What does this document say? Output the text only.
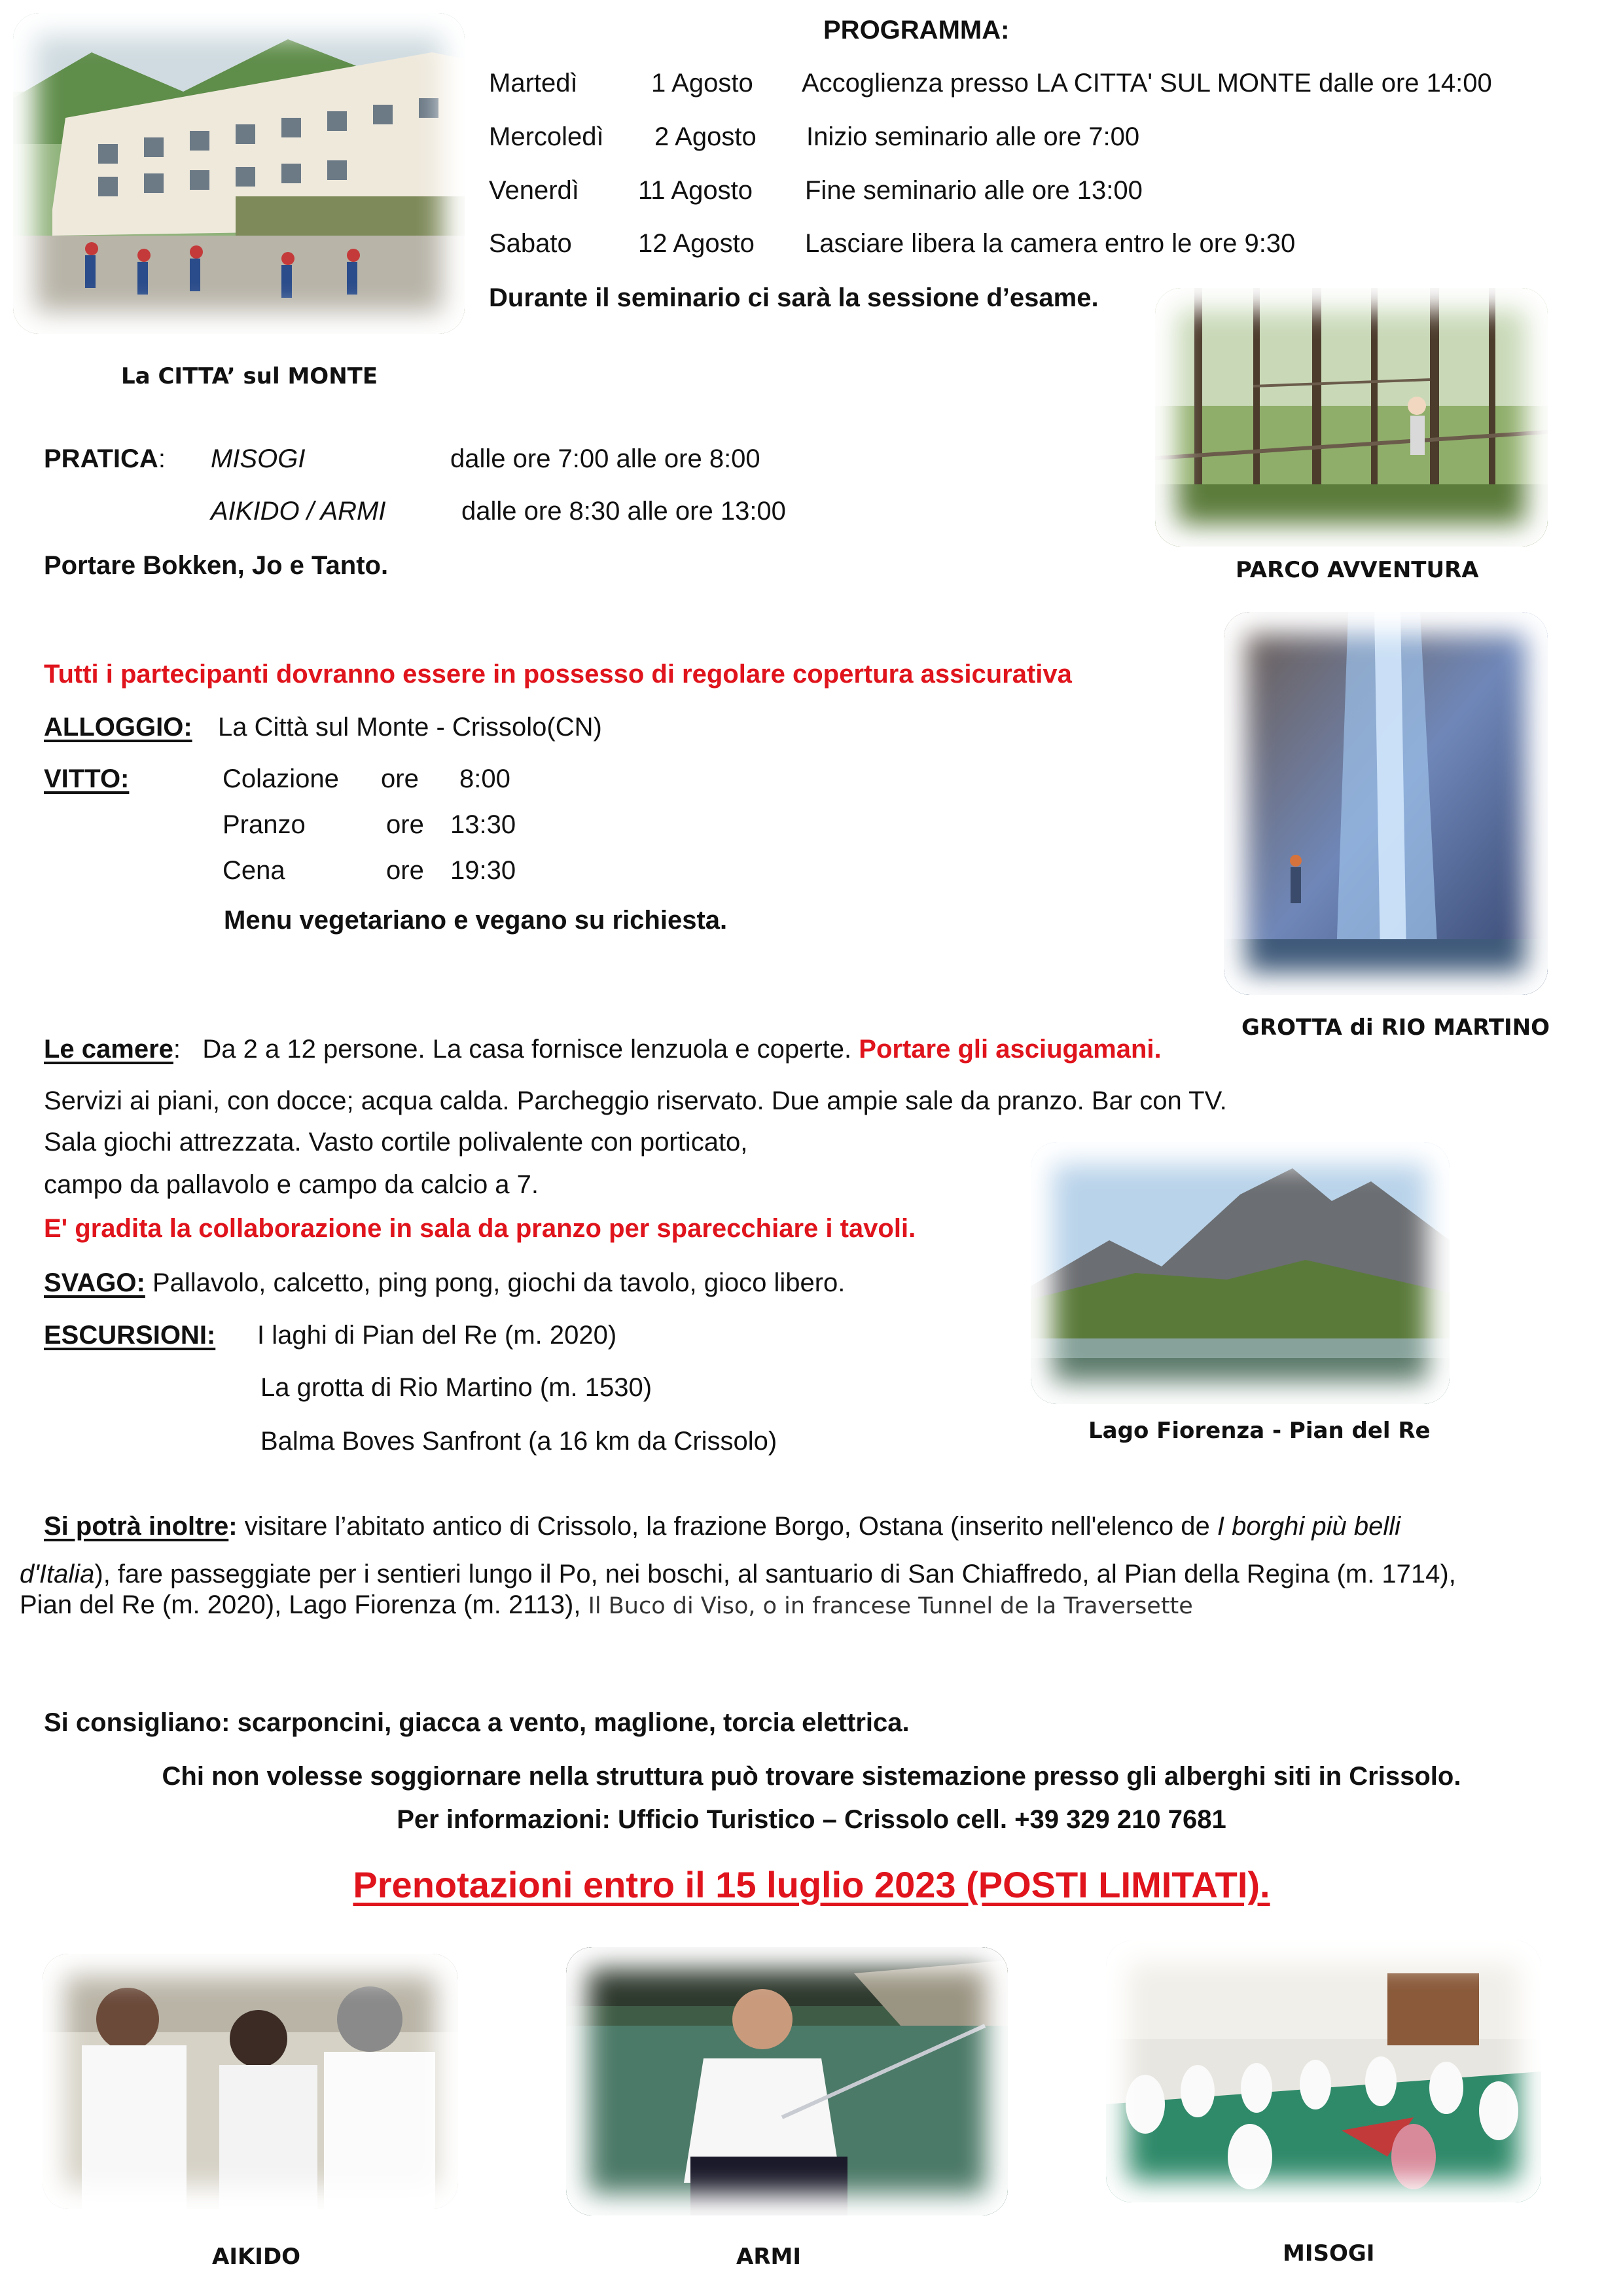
La CITTA’ sul MONTE
PARCO AVVENTURA
GROTTA di RIO MARTINO
Lago Fiorenza - Pian del Re
AIKIDO	ARMI	MISOGI
PROGRAMMA:
Martedì	1 Agosto Accoglienza presso LA CITTA' SUL MONTE dalle ore 14:00
Mercoledì 2 Agosto Inizio seminario alle ore 7:00
Venerdì 11 Agosto Fine seminario alle ore 13:00
Sabato	12 Agosto Lasciare libera la camera entro le ore 9:30
Durante il seminario ci sarà la sessione d’esame.
PRATICA: MISOGI	dalle ore 7:00 alle ore 8:00
AIKIDO / ARMI	dalle ore 8:30 alle ore 13:00
Portare Bokken, Jo e Tanto.
Tutti i partecipanti dovranno essere in possesso di regolare copertura assicurativa
ALLOGGIO: La Città sul Monte - Crissolo(CN)
VITTO:	Colazione ore 8:00
Pranzo	ore 13:30
Cena	ore 19:30
Menu vegetariano e vegano su richiesta.
Le camere: Da 2 a 12 persone. La casa fornisce lenzuola e coperte. Portare gli asciugamani.
Servizi ai piani, con docce; acqua calda. Parcheggio riservato. Due ampie sale da pranzo. Bar con TV.
Sala giochi attrezzata. Vasto cortile polivalente con porticato,
campo da pallavolo e campo da calcio a 7.
E' gradita la collaborazione in sala da pranzo per sparecchiare i tavoli.
SVAGO: Pallavolo, calcetto, ping pong, giochi da tavolo, gioco libero.
ESCURSIONI: I laghi di Pian del Re (m. 2020)
La grotta di Rio Martino (m. 1530)
Balma Boves Sanfront (a 16 km da Crissolo)
Si potrà inoltre: visitare l’abitato antico di Crissolo, la frazione Borgo, Ostana (inserito nell'elenco de I borghi più belli
d'Italia), fare passeggiate per i sentieri lungo il Po, nei boschi, al santuario di San Chiaffredo, al Pian della Regina (m. 1714),
Pian del Re (m. 2020), Lago Fiorenza (m. 2113), Il Buco di Viso, o in francese Tunnel de la Traversette
Si consigliano: scarponcini, giacca a vento, maglione, torcia elettrica.
Chi non volesse soggiornare nella struttura può trovare sistemazione presso gli alberghi siti in Crissolo.
Per informazioni: Ufficio Turistico – Crissolo cell. +39 329 210 7681
Prenotazioni entro il 15 luglio 2023 (POSTI LIMITATI).
